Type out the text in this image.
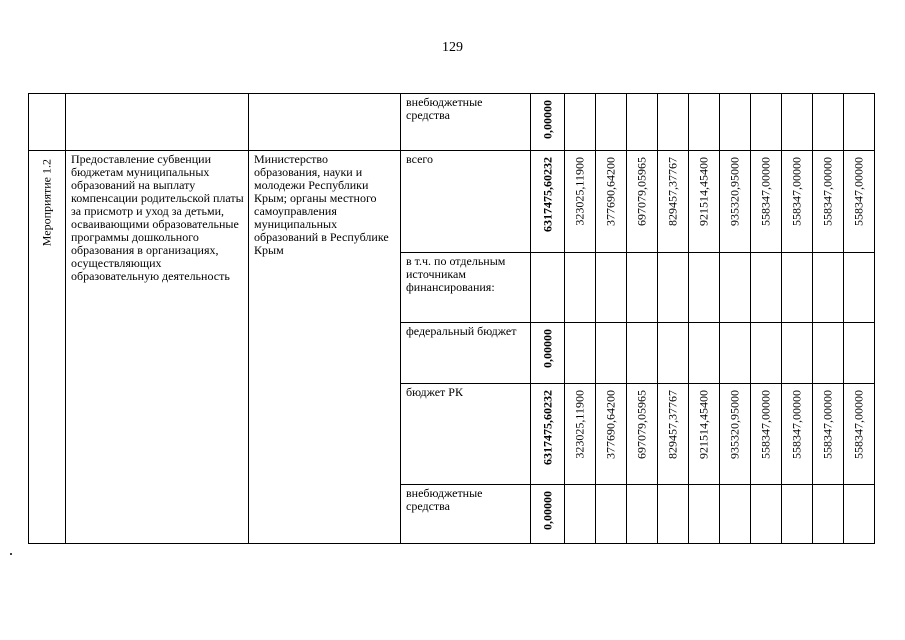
129

			внебюджетные средства	0,00000										

Мероприятие 1.2	Предоставление субвенции бюджетам муниципальных образований на выплату компенсации родительской платы за присмотр и уход за детьми, осваивающими образовательные программы дошкольного образования в организациях, осуществляющих образовательную деятельность	Министерство образования, науки и молодежи Республики Крым; органы местного самоуправления муниципальных образований в Республике Крым	всего	6317475,60232	323025,11900	377690,64200	697079,05965	829457,37767	921514,45400	935320,95000	558347,00000	558347,00000	558347,00000	558347,00000

			в т.ч. по отдельным источникам финансирования:											

			федеральный бюджет	0,00000										

			бюджет РК	6317475,60232	323025,11900	377690,64200	697079,05965	829457,37767	921514,45400	935320,95000	558347,00000	558347,00000	558347,00000	558347,00000

			внебюджетные средства	0,00000										
